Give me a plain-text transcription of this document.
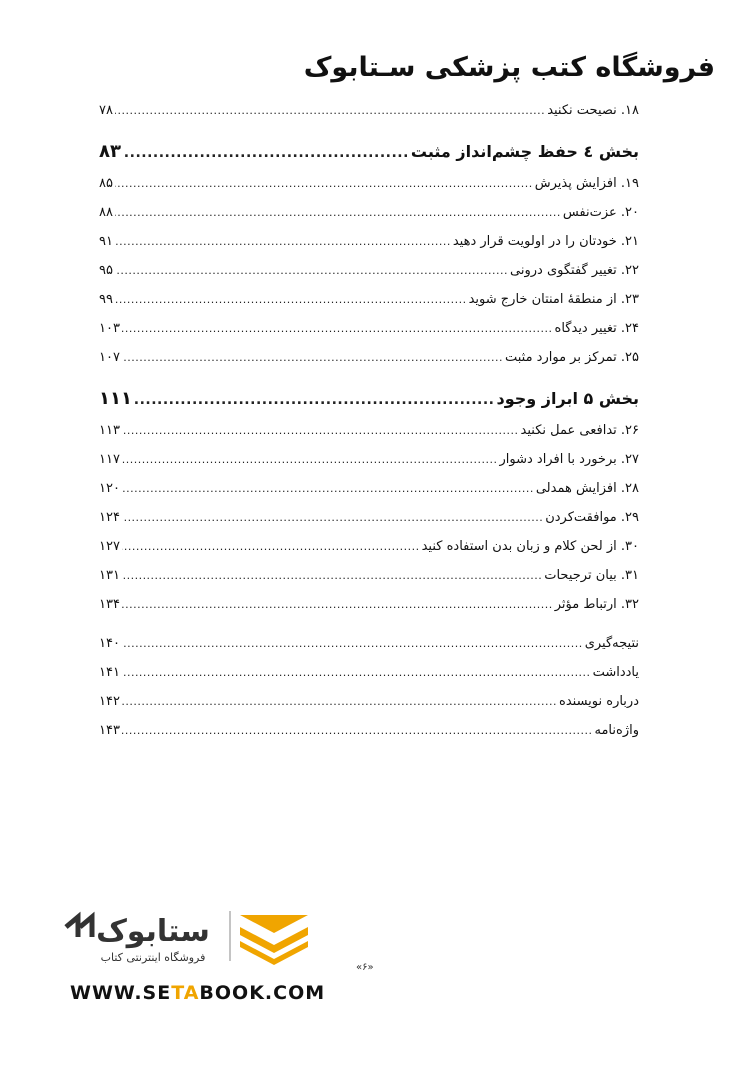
فروشگاه کتب پزشکی سـتابوک
۱۸. نصیحت نکنید
.....
۷۸
بخش ٤ حفظ چشم‌انداز مثبت
.....
۸۳
۱۹. افزایش پذیرش
.....
۸۵
۲۰. عزت‌نفس
.....
۸۸
۲۱. خودتان را در اولویت قرار دهید
.....
۹۱
۲۲. تغییر گفتگوی درونی
.....
۹۵
۲۳. از منطقهٔ امنتان خارج شوید
.....
۹۹
۲۴. تغییر دیدگاه
.....
۱۰۳
۲۵. تمرکز بر موارد مثبت
.....
۱۰۷
بخش ۵ ابراز وجود
.....
۱۱۱
۲۶. تدافعی عمل نکنید
.....
۱۱۳
۲۷. برخورد با افراد دشوار
.....
۱۱۷
۲۸. افزایش همدلی
.....
۱۲۰
۲۹. موافقت‌کردن
.....
۱۲۴
۳۰. از لحن کلام و زبان بدن استفاده کنید
.....
۱۲۷
۳۱. بیان ترجیحات
.....
۱۳۱
۳۲. ارتباط مؤثر
.....
۱۳۴
نتیجه‌گیری
.....
۱۴۰
یادداشت
.....
۱۴۱
درباره نویسنده
.....
۱۴۲
واژه‌نامه
.....
۱۴۳
ستابوک
فروشگاه اینترنتی کتاب
WWW.SETABOOK.COM
«۶»
